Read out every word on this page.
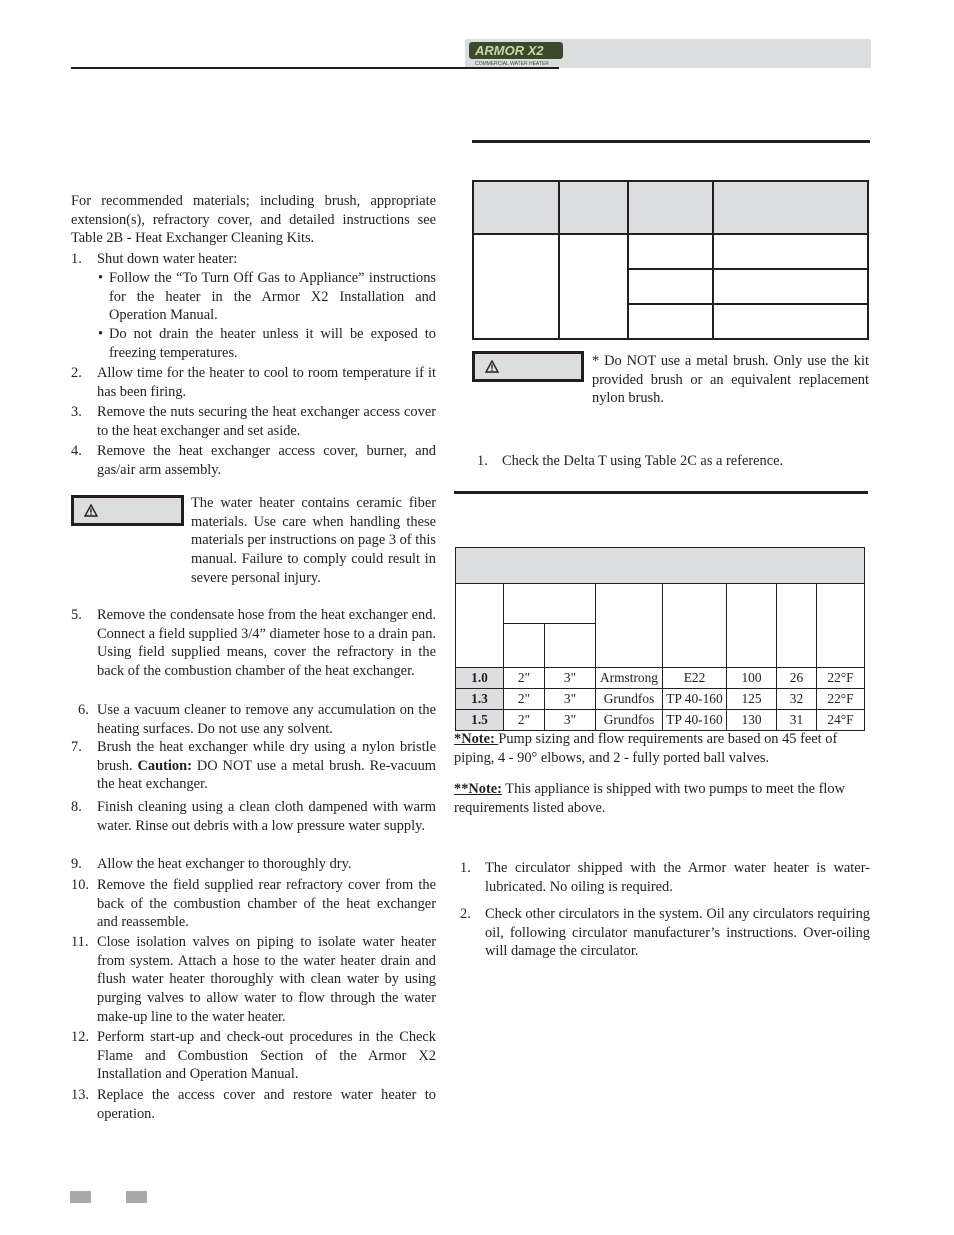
ARMOR X2
COMMERCIAL WATER HEATER
For recommended materials; including brush, appropriate extension(s), refractory cover, and detailed instructions see Table 2B - Heat Exchanger Cleaning Kits.
1. Shut down water heater:
• Follow the “To Turn Off Gas to Appliance” instructions for the heater in the Armor X2 Installation and Operation Manual.
• Do not drain the heater unless it will be exposed to freezing temperatures.
2. Allow time for the heater to cool to room temperature if it has been firing.
3. Remove the nuts securing the heat exchanger access cover to the heat exchanger and set aside.
4. Remove the heat exchanger access cover, burner, and gas/air arm assembly.
The water heater contains ceramic fiber materials. Use care when handling these materials per instructions on page 3 of this manual. Failure to comply could result in severe personal injury.
5. Remove the condensate hose from the heat exchanger end. Connect a field supplied 3/4” diameter hose to a drain pan. Using field supplied means, cover the refractory in the back of the combustion chamber of the heat exchanger.
6. Use a vacuum cleaner to remove any accumulation on the heating surfaces. Do not use any solvent.
7. Brush the heat exchanger while dry using a nylon bristle brush. Caution: DO NOT use a metal brush. Re-vacuum the heat exchanger.
8. Finish cleaning using a clean cloth dampened with warm water. Rinse out debris with a low pressure water supply.
9. Allow the heat exchanger to thoroughly dry.
10. Remove the field supplied rear refractory cover from the back of the combustion chamber of the heat exchanger and reassemble.
11. Close isolation valves on piping to isolate water heater from system. Attach a hose to the water heater drain and flush water heater thoroughly with clean water by using purging valves to allow water to flow through the water make-up line to the water heater.
12. Perform start-up and check-out procedures in the Check Flame and Combustion Section of the Armor X2 Installation and Operation Manual.
13. Replace the access cover and restore water heater to operation.

* Do NOT use a metal brush. Only use the kit provided brush or an equivalent replacement nylon brush.
1. Check the Delta T using Table 2C as a reference.

1.0	2"	3"	Armstrong	E22	100	26	22°F
1.3	2"	3"	Grundfos	TP 40-160	125	32	22°F
1.5	2"	3"	Grundfos	TP 40-160	130	31	24°F
*Note: Pump sizing and flow requirements are based on 45 feet of piping, 4 - 90° elbows, and 2 - fully ported ball valves.
**Note: This appliance is shipped with two pumps to meet the flow requirements listed above.
1. The circulator shipped with the Armor water heater is water-lubricated. No oiling is required.
2. Check other circulators in the system. Oil any circulators requiring oil, following circulator manufacturer’s instructions. Over-oiling will damage the circulator.
